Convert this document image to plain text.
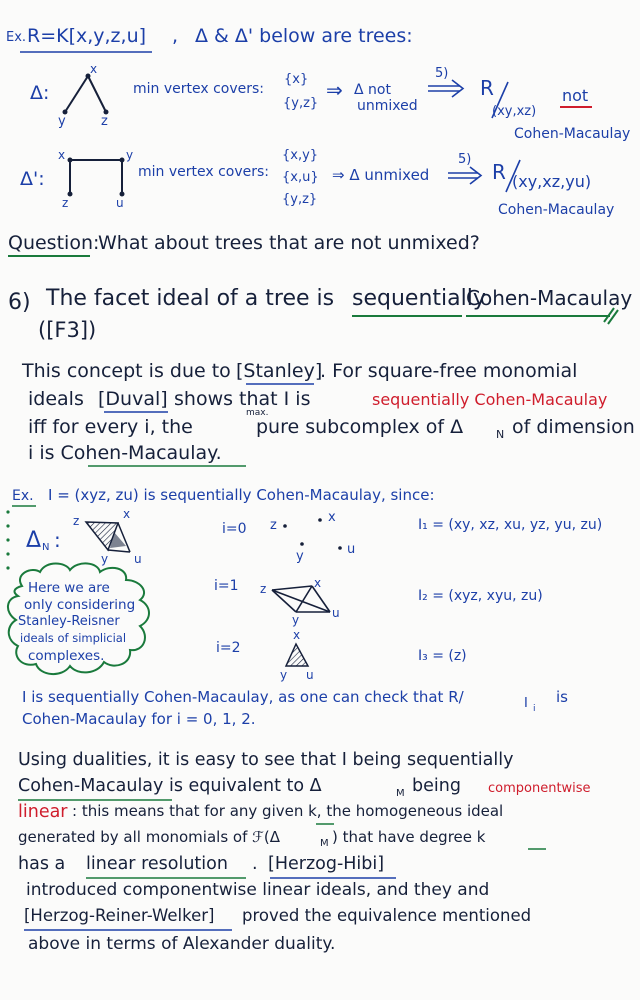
Ex. R=K[x,y,z,u] , Δ & Δ' below are trees:
Δ:
x
y	z
min vertex covers:
{x}
{y,z}
⇒ Δ not
unmixed
5)
R
(xy,xz)
not
Cohen-Macaulay
Δ':
x	y
z	u
min vertex covers:
{x,y}
{x,u}
{y,z}
⇒ Δ unmixed
5)
R (xy,xz,yu)
Cohen-Macaulay
Question:
What about trees that are not unmixed?
6) The facet ideal of a tree is sequentially
Cohen-Macaulay
([F3])
This concept is due to [Stanley]
. For square-free monomial
ideals [Duval] shows that I is	sequentially Cohen-Macaulay
iff for every i, the
max.
pure subcomplex of Δ	N of dimension
i is Cohen-Macaulay.
Ex. I = (xyz, zu) is sequentially Cohen-Macaulay, since:
Δ N :
z	x
y u
i=0 z
x
y	u
I₁ = (xy, xz, xu, yz, yu, zu)
i=1 z	x
y	u
I₂ = (xyz, xyu, zu)
i=2
x
y u
I₃ = (z)
Here we are
only considering
Stanley-Reisner
ideals of simplicial
complexes.
I is sequentially Cohen-Macaulay, as one can check that R/	I i
is
Cohen-Macaulay for i = 0, 1, 2.
Using dualities, it is easy to see that I being sequentially
Cohen-Macaulay is equivalent to Δ	M being componentwise
linear : this means that for any given k, the homogeneous ideal
generated by all monomials of ℱ(Δ	M ) that have degree k
has a linear resolution . [Herzog-Hibi]
introduced componentwise linear ideals, and they and
[Herzog-Reiner-Welker] proved the equivalence mentioned
above in terms of Alexander duality.
